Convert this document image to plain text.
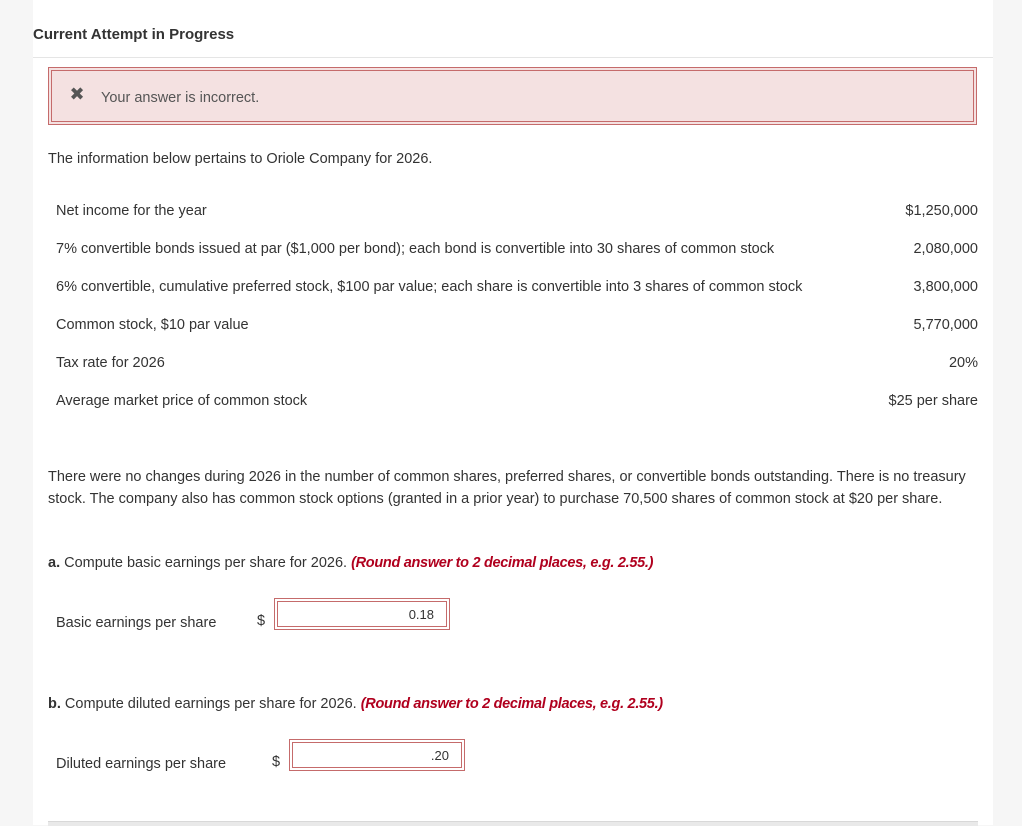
Current Attempt in Progress
✖ Your answer is incorrect.
The information below pertains to Oriole Company for 2026.
Net income for the year	$1,250,000
7% convertible bonds issued at par ($1,000 per bond); each bond is convertible into 30 shares of common stock	2,080,000
6% convertible, cumulative preferred stock, $100 par value; each share is convertible into 3 shares of common stock	3,800,000
Common stock, $10 par value	5,770,000
Tax rate for 2026	20%
Average market price of common stock	$25 per share
There were no changes during 2026 in the number of common shares, preferred shares, or convertible bonds outstanding. There is no treasury stock. The company also has common stock options (granted in a prior year) to purchase 70,500 shares of common stock at $20 per share.
a. Compute basic earnings per share for 2026. (Round answer to 2 decimal places, e.g. 2.55.)
Basic earnings per share	$
0.18
b. Compute diluted earnings per share for 2026. (Round answer to 2 decimal places, e.g. 2.55.)
Diluted earnings per share	$
.20
